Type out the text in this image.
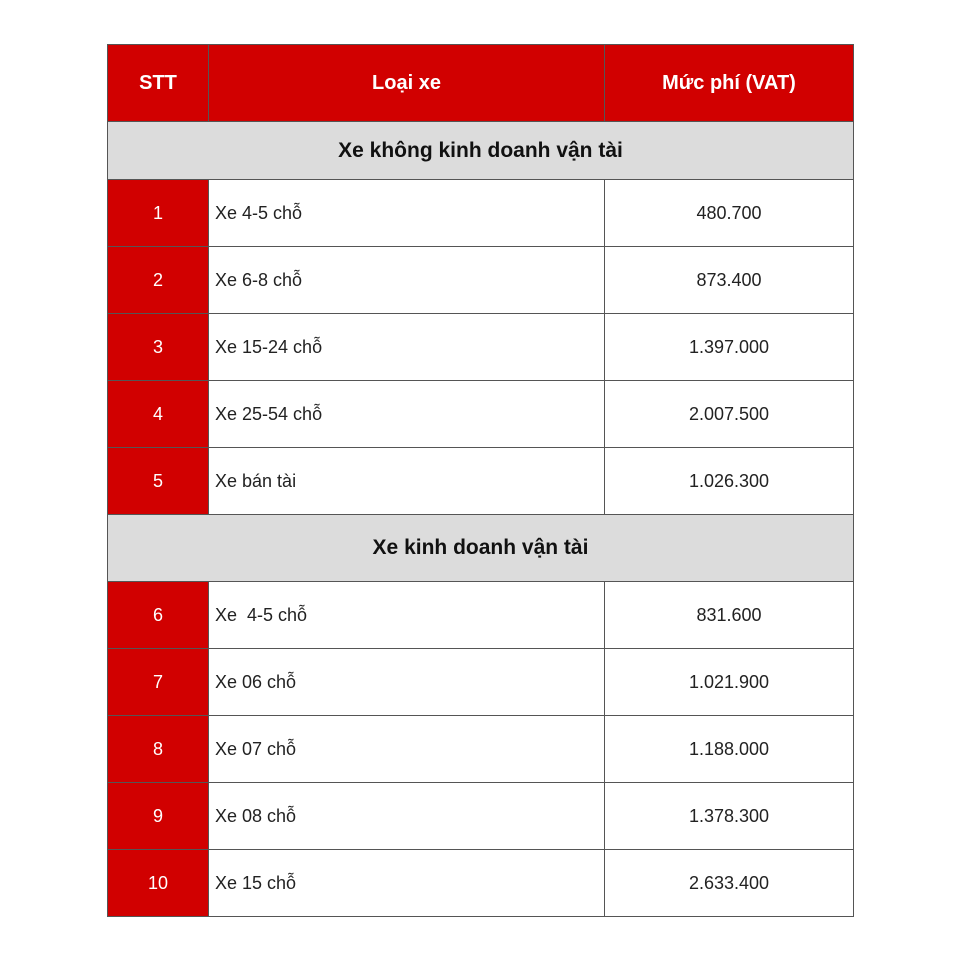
STT	Loại xe	Mức phí (VAT)
Xe không kinh doanh vận tài		
1	Xe 4-5 chỗ	480.700
2	Xe 6-8 chỗ	873.400
3	Xe 15-24 chỗ	1.397.000
4	Xe 25-54 chỗ	2.007.500
5	Xe bán tài	1.026.300
Xe kinh doanh vận tài		
6	Xe  4-5 chỗ	831.600
7	Xe 06 chỗ	1.021.900
8	Xe 07 chỗ	1.188.000
9	Xe 08 chỗ	1.378.300
10	Xe 15 chỗ	2.633.400
